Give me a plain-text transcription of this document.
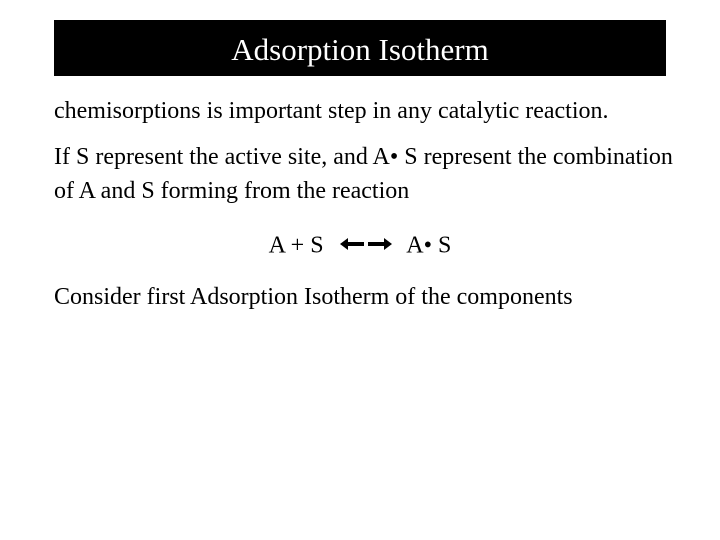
Adsorption Isotherm

chemisorptions is important step in any catalytic reaction.

If S represent the active site, and A• S represent the combination of A and S forming from the reaction

A + S	A• S

Consider first Adsorption Isotherm of the components
